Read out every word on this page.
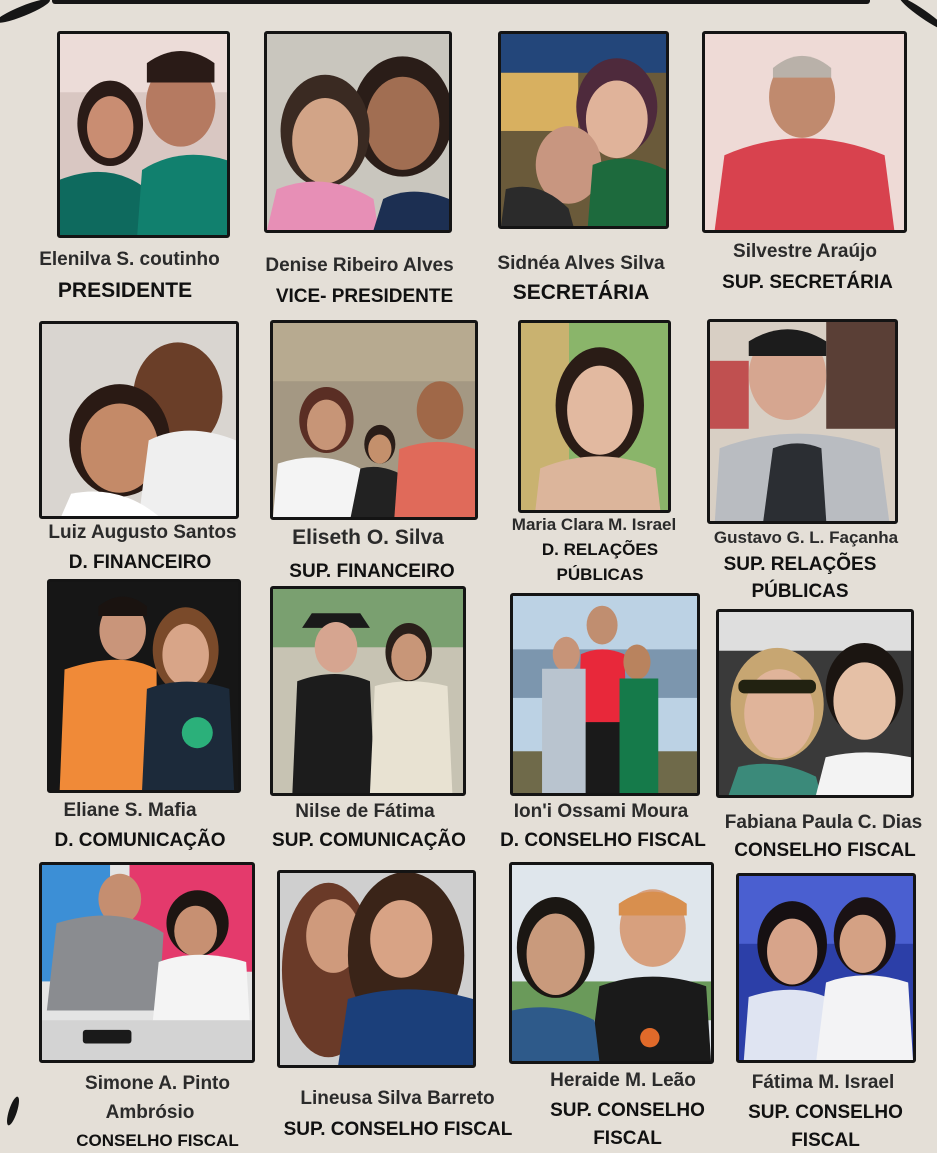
Elenilva S. coutinho
PRESIDENTE
Denise Ribeiro Alves
VICE- PRESIDENTE
Sidnéa Alves Silva
SECRETÁRIA
Silvestre Araújo
SUP. SECRETÁRIA
Luiz Augusto Santos
D. FINANCEIRO
Eliseth O. Silva
SUP. FINANCEIRO
Maria Clara M. Israel
D. RELAÇÕES
PÚBLICAS
Gustavo G. L. Façanha
SUP. RELAÇÕES
PÚBLICAS
Eliane S. Mafia
D. COMUNICAÇÃO
Nilse de Fátima
SUP. COMUNICAÇÃO
Ion'i Ossami Moura
D. CONSELHO FISCAL
Fabiana Paula C. Dias
CONSELHO FISCAL
Simone A. Pinto
Ambrósio
CONSELHO FISCAL
Lineusa Silva Barreto
SUP. CONSELHO FISCAL
Heraide M. Leão
SUP. CONSELHO
FISCAL
Fátima M. Israel
SUP. CONSELHO
FISCAL
